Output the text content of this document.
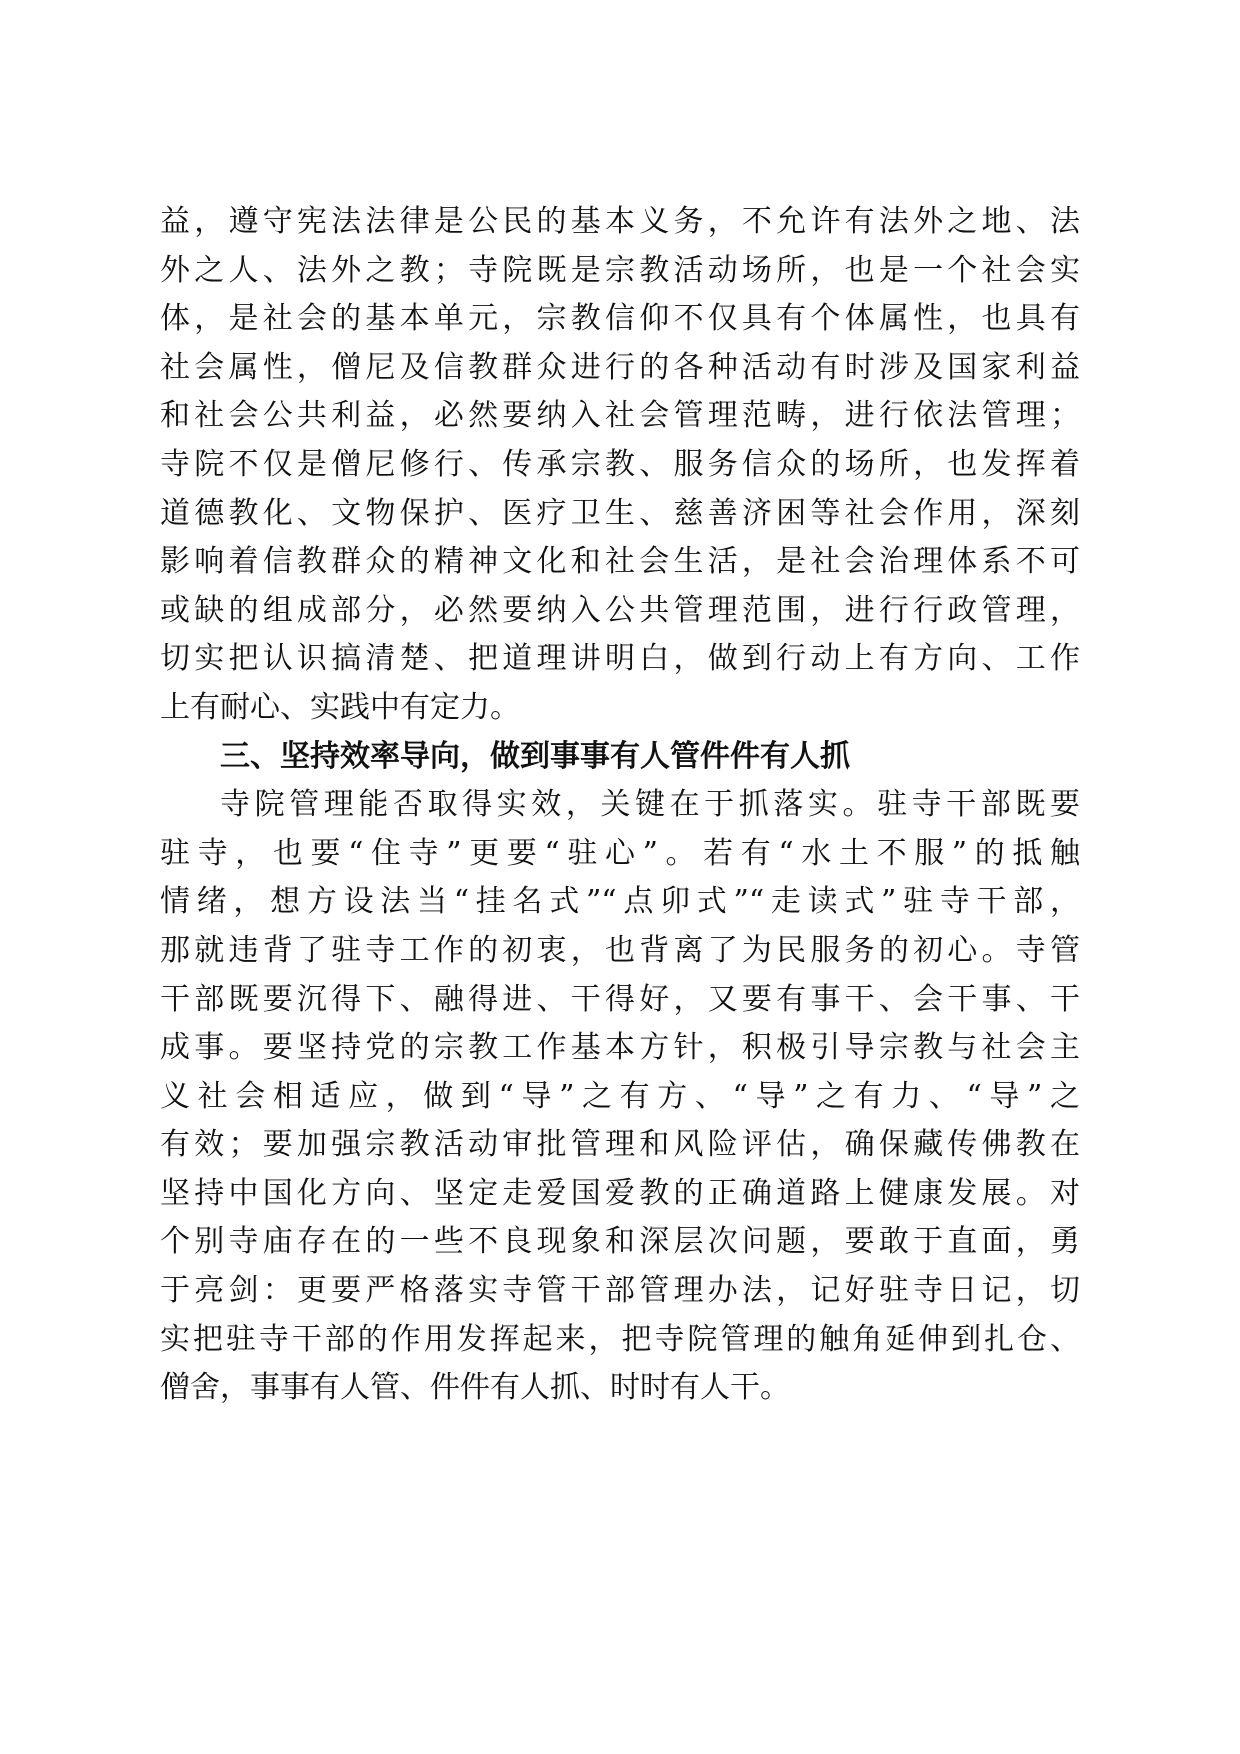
益，遵守宪法法律是公民的基本义务，不允许有法外之地、法
外之人、法外之教；寺院既是宗教活动场所，也是一个社会实
体，是社会的基本单元，宗教信仰不仅具有个体属性，也具有
社会属性，僧尼及信教群众进行的各种活动有时涉及国家利益
和社会公共利益，必然要纳入社会管理范畴，进行依法管理；
寺院不仅是僧尼修行、传承宗教、服务信众的场所，也发挥着
道德教化、文物保护、医疗卫生、慈善济困等社会作用，深刻
影响着信教群众的精神文化和社会生活，是社会治理体系不可
或缺的组成部分，必然要纳入公共管理范围，进行行政管理，
切实把认识搞清楚、把道理讲明白，做到行动上有方向、工作
上有耐心、实践中有定力。
三、坚持效率导向，做到事事有人管件件有人抓
寺院管理能否取得实效，关键在于抓落实。驻寺干部既要
驻寺，也要“住寺”更要“驻心”。若有“水土不服”的抵触
情绪，想方设法当“挂名式”“点卯式”“走读式”驻寺干部，
那就违背了驻寺工作的初衷，也背离了为民服务的初心。寺管
干部既要沉得下、融得进、干得好，又要有事干、会干事、干
成事。要坚持党的宗教工作基本方针，积极引导宗教与社会主
义社会相适应，做到“导”之有方、“导”之有力、“导”之
有效；要加强宗教活动审批管理和风险评估，确保藏传佛教在
坚持中国化方向、坚定走爱国爱教的正确道路上健康发展。对
个别寺庙存在的一些不良现象和深层次问题，要敢于直面，勇
于亮剑：更要严格落实寺管干部管理办法，记好驻寺日记，切
实把驻寺干部的作用发挥起来，把寺院管理的触角延伸到扎仓、
僧舍，事事有人管、件件有人抓、时时有人干。
